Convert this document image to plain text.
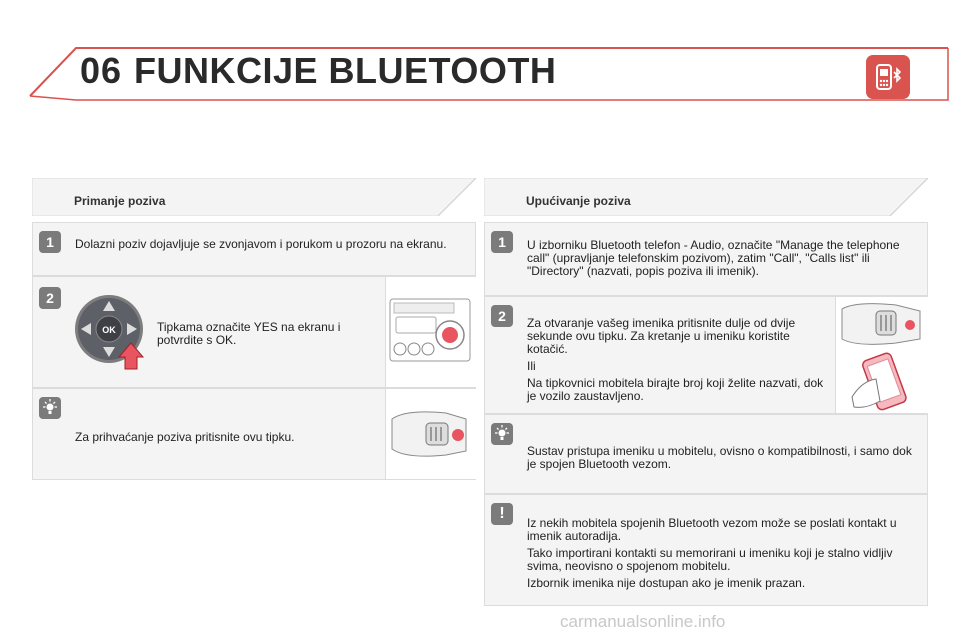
06 FUNKCIJE BLUETOOTH
Primanje poziva
1	Dolazni poziv dojavljuje se zvonjavom i porukom u prozoru na ekranu.
2
OK	Tipkama označite YES na ekranu i potvrdite s OK.
Za prihvaćanje poziva pritisnite ovu tipku.
Upućivanje poziva
1	U izborniku Bluetooth telefon - Audio, označite "Manage the telephone call" (upravljanje telefonskim pozivom), zatim "Call", "Calls list" ili "Directory" (nazvati, popis poziva ili imenik).
2	Za otvaranje vašeg imenika pritisnite dulje od dvije sekunde ovu tipku. Za kretanje u imeniku koristite kotačić.

Ili

Na tipkovnici mobitela birajte broj koji želite nazvati, dok je vozilo zaustavljeno.

Sustav pristupa imeniku u mobitelu, ovisno o kompatibilnosti, i samo dok je spojen Bluetooth vezom.
!

Iz nekih mobitela spojenih Bluetooth vezom može se poslati kontakt u imenik autoradija.

Tako importirani kontakti su memorirani u imeniku koji je stalno vidljiv svima, neovisno o spojenom mobitelu.

Izbornik imenika nije dostupan ako je imenik prazan.

carmanualsonline.info
